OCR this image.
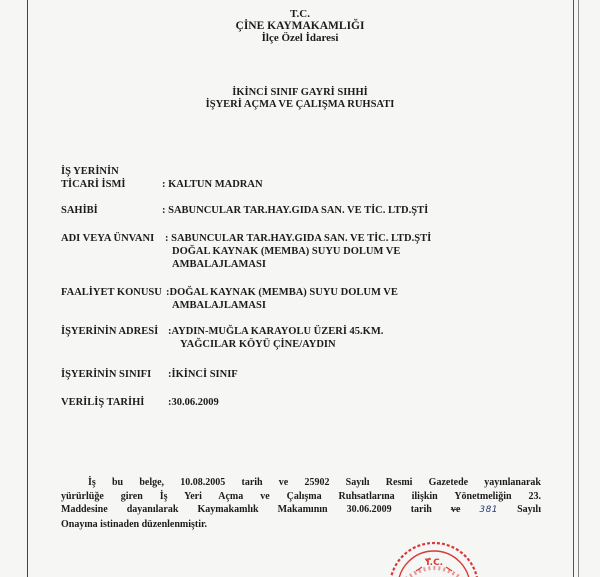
T.C.
ÇİNE KAYMAKAMLIĞI
İlçe Özel İdaresi
İKİNCİ SINIF GAYRİ SIHHİ
İŞYERİ AÇMA VE ÇALIŞMA RUHSATI
İŞ YERİNİN
TİCARİ İSMİ	: KALTUN MADRAN
SAHİBİ	: SABUNCULAR TAR.HAY.GIDA SAN. VE TİC. LTD.ŞTİ
ADI VEYA ÜNVANI : SABUNCULAR TAR.HAY.GIDA SAN. VE TİC. LTD.ŞTİ
DOĞAL KAYNAK (MEMBA) SUYU DOLUM VE
AMBALAJLAMASI
FAALİYET KONUSU :DOĞAL KAYNAK (MEMBA) SUYU DOLUM VE
AMBALAJLAMASI
İŞYERİNİN ADRESİ :AYDIN-MUĞLA KARAYOLU ÜZERİ 45.KM.
YAĞCILAR KÖYÜ ÇİNE/AYDIN
İŞYERİNİN SINIFI :İKİNCİ SINIF
VERİLİŞ TARİHİ :30.06.2009
İş bu belge, 10.08.2005 tarih ve 25902 Sayılı Resmi Gazetede yayınlanarak
yürürlüğe giren İş Yeri Açma ve Çalışma Ruhsatlarına ilişkin Yönetmeliğin 23.
Maddesine dayanılarak Kaymakamlık Makamının 30.06.2009 tarih ve 381 Sayılı
Onayına istinaden düzenlenmiştir.
T.C.
